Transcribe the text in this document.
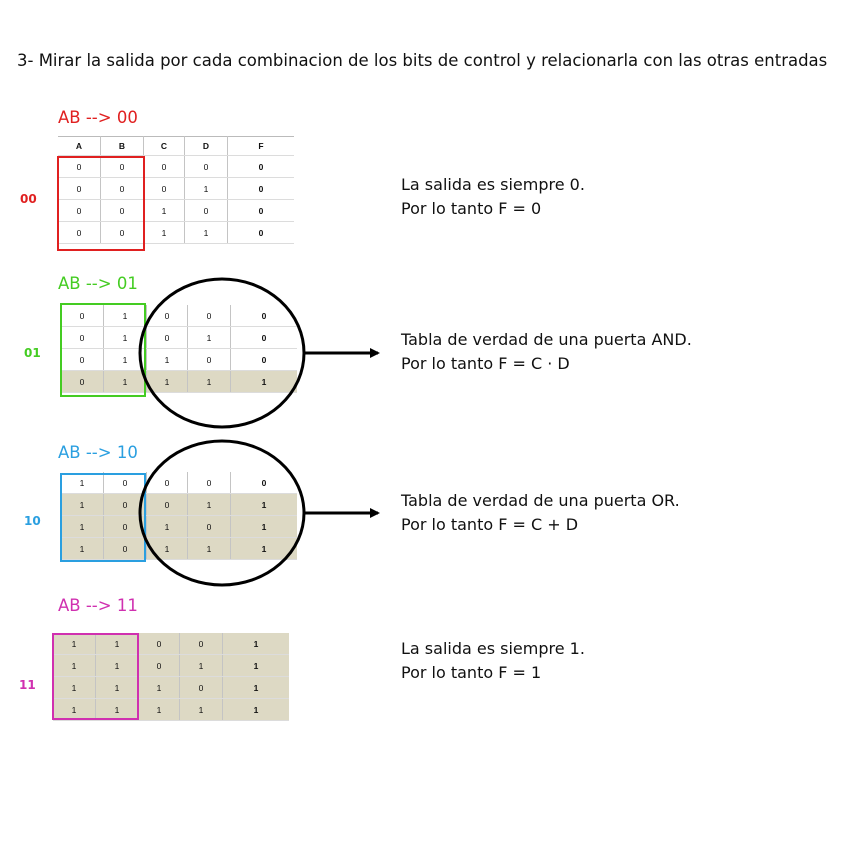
3- Mirar la salida por cada combinacion de los bits de control y relacionarla con las otras entradas
AB --> 00
00
A	B	C	D	F
0	0	0	0	0
0	0	0	1	0
0	0	1	0	0
0	0	1	1	0
La salida es siempre 0.
Por lo tanto F = 0
AB --> 01
01
0	1	0	0	0
0	1	0	1	0
0	1	1	0	0
0	1	1	1	1
Tabla de verdad de una puerta AND.
Por lo tanto F = C · D
AB --> 10
10
1	0	0	0	0
1	0	0	1	1
1	0	1	0	1
1	0	1	1	1
Tabla de verdad de una puerta OR.
Por lo tanto F = C + D
AB --> 11
11
1	1	0	0	1
1	1	0	1	1
1	1	1	0	1
1	1	1	1	1
La salida es siempre 1.
Por lo tanto F = 1
